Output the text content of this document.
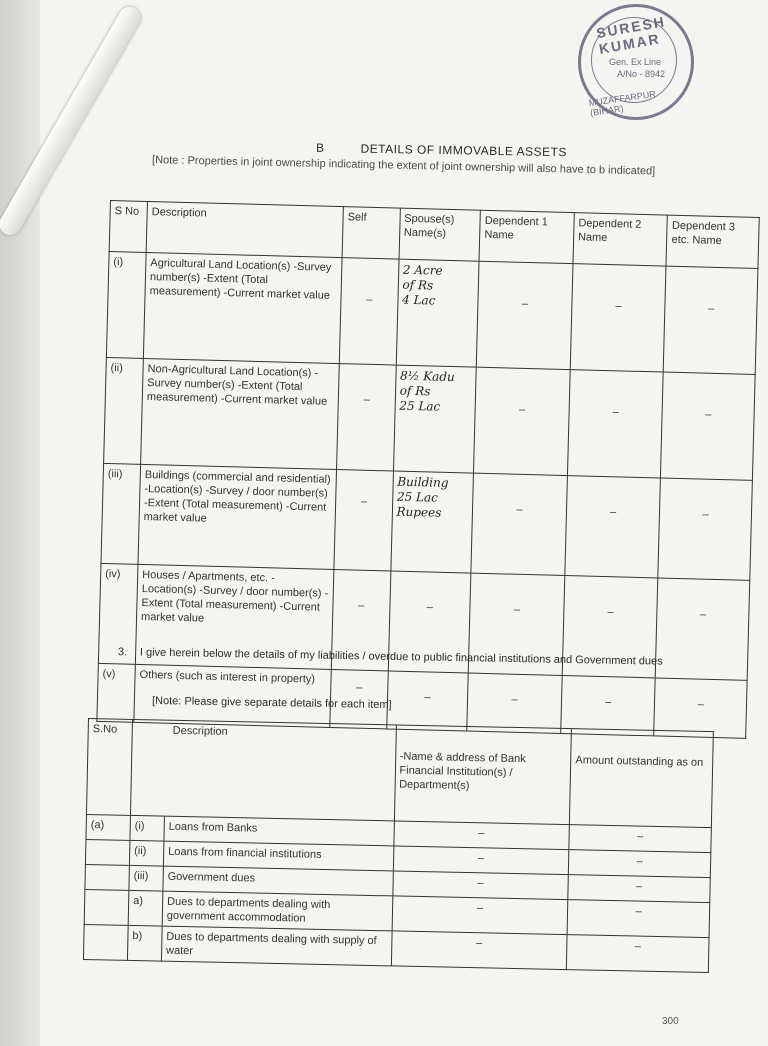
SURESH KUMAR
Gen. Ex Line
A/No - 8942
MUZAFFARPUR (BIHAR)
B	DETAILS OF IMMOVABLE ASSETS
[Note : Properties in joint ownership indicating the extent of joint ownership will also have to b indicated]
S No	Description	Self	Spouse(s) Name(s)	Dependent 1 Name	Dependent 2 Name	Dependent 3 etc. Name
(i)	Agricultural Land Location(s) -Survey number(s) -Extent (Total measurement) -Current market value	–	2 Acre
of Rs
4 Lac	–	–	–
(ii)	Non-Agricultural Land Location(s) -Survey number(s) -Extent (Total measurement) -Current market value	–	8½ Kadu
of Rs
25 Lac	–	–	–
(iii)	Buildings (commercial and residential) -Location(s) -Survey / door number(s) -Extent (Total measurement) -Current market value	–	Building
25 Lac
Rupees	–	–	–
(iv)	Houses / Apartments, etc. -Location(s) -Survey / door number(s) -Extent (Total measurement) -Current market value	–	–	–	–	–
(v)	Others (such as interest in property)	–	–	–	–	–
3. I give herein below the details of my liabilities / overdue to public financial institutions and Government dues
[Note: Please give separate details for each item]
S.No	Description		-Name & address of Bank Financial Institution(s) / Department(s)	Amount outstanding as on
(a)	(i)	Loans from Banks	–	–
	(ii)	Loans from financial institutions	–	–
	(iii)	Government dues	–	–
	a)	Dues to departments dealing with government accommodation	–	–
	b)	Dues to departments dealing with supply of water	–	–
300
